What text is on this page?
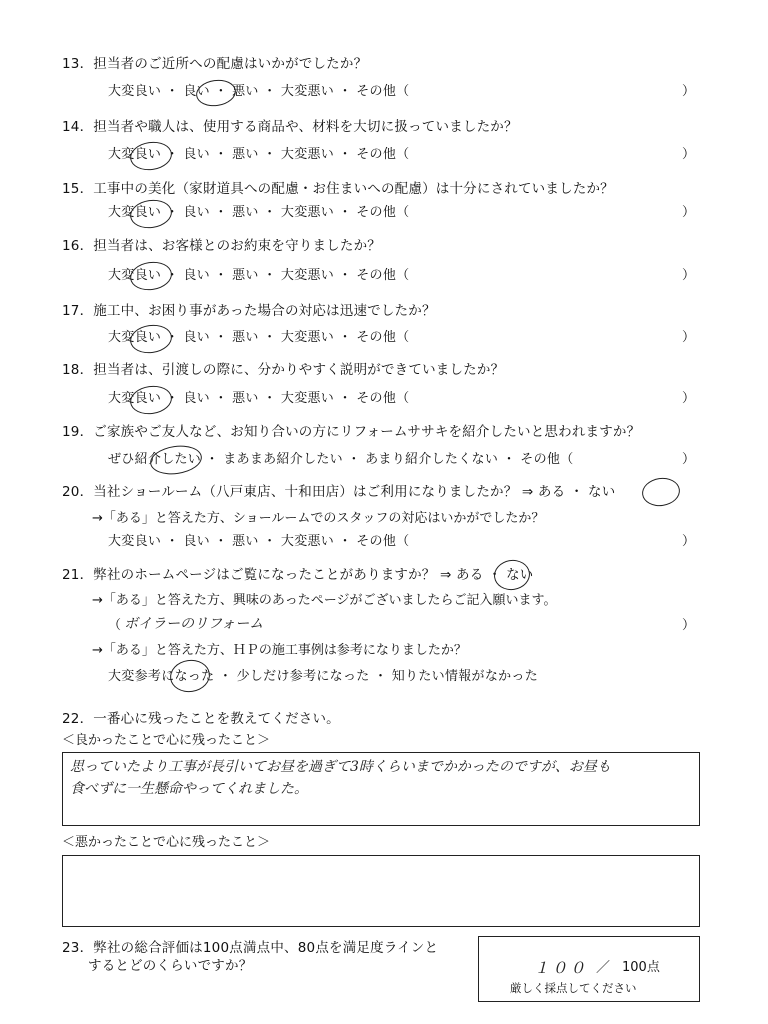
13．担当者のご近所への配慮はいかがでしたか？
大変良い ・ 良い ・ 悪い ・ 大変悪い ・ その他（	）
14．担当者や職人は、使用する商品や、材料を大切に扱っていましたか？
大変良い ・ 良い ・ 悪い ・ 大変悪い ・ その他（	）
15．工事中の美化（家財道具への配慮・お住まいへの配慮）は十分にされていましたか？
大変良い ・ 良い ・ 悪い ・ 大変悪い ・ その他（	）
16．担当者は、お客様とのお約束を守りましたか？
大変良い ・ 良い ・ 悪い ・ 大変悪い ・ その他（	）
17．施工中、お困り事があった場合の対応は迅速でしたか？
大変良い ・ 良い ・ 悪い ・ 大変悪い ・ その他（	）
18．担当者は、引渡しの際に、分かりやすく説明ができていましたか？
大変良い ・ 良い ・ 悪い ・ 大変悪い ・ その他（	）
19．ご家族やご友人など、お知り合いの方にリフォームササキを紹介したいと思われますか？
ぜひ紹介したい ・ まあまあ紹介したい ・ あまり紹介したくない ・ その他（	）
20．当社ショールーム（八戸東店、十和田店）はご利用になりましたか？ ⇒ ある ・ ない
→「ある」と答えた方、ショールームでのスタッフの対応はいかがでしたか？
大変良い ・ 良い ・ 悪い ・ 大変悪い ・ その他（	）
21．弊社のホームページはご覧になったことがありますか？ ⇒ ある ・ ない
→「ある」と答えた方、興味のあったページがございましたらご記入願います。
（ ボイラーのリフォーム	）
→「ある」と答えた方、ＨＰの施工事例は参考になりましたか？
大変参考になった ・ 少しだけ参考になった ・ 知りたい情報がなかった
22．一番心に残ったことを教えてください。
＜良かったことで心に残ったこと＞
思っていたより工事が長引いてお昼を過ぎて3時くらいまでかかったのですが、お昼も
食べずに一生懸命やってくれました。
＜悪かったことで心に残ったこと＞
23．弊社の総合評価は100点満点中、80点を満足度ラインと
するとどのくらいですか？	１００ ／ 100点
厳しく採点してください
